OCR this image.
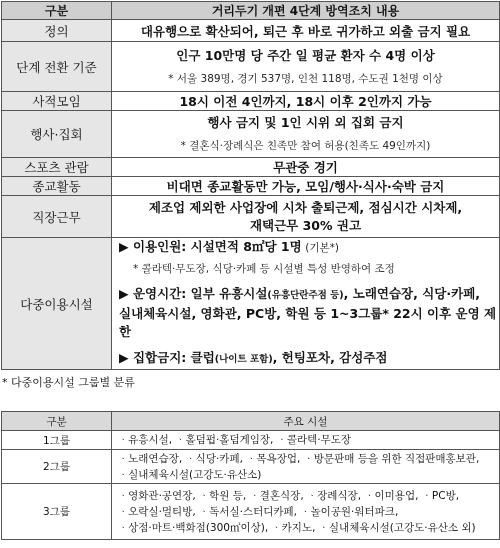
구분	거리두기 개편 4단계 방역조치 내용
정의	대유행으로 확산되어, 퇴근 후 바로 귀가하고 외출 금지 필요
단계 전환 기준	인구 10만명 당 주간 일 평균 환자 수 4명 이상
* 서울 389명, 경기 537명, 인천 118명, 수도권 1천명 이상

사적모임	18시 이전 4인까지, 18시 이후 2인까지 가능
행사·집회	행사 금지 및 1인 시위 외 집회 금지
* 결혼식·장례식은 친족만 참여 허용(친족도 49인까지)

스포츠 관람	무관중 경기
종교활동	비대면 종교활동만 가능, 모임/행사·식사·숙박 금지
직장근무	제조업 제외한 사업장에 시차 출퇴근제, 점심시간 시차제,
재택근무 30% 권고

다중이용시설	▶ 이용인원: 시설면적 8㎡당 1명 (기본*)
* 콜라텍·무도장, 식당·카페 등 시설별 특성 반영하여 조정
▶ 운영시간: 일부 유흥시설(유흥단란주점 등), 노래연습장, 식당·카페,
실내체육시설, 영화관, PC방, 학원 등 1~3그룹* 22시 이후 운영 제한
▶ 집합금지: 클럽(나이트 포함), 헌팅포차, 감성주점
* 다중이용시설 그룹별 분류
구분	주요 시설
1그룹	ᆞ유흥시설, ᆞ홀덤펍·홀덤게임장, ᆞ콜라텍·무도장

2그룹	ᆞ노래연습장, ᆞ식당·카페, ᆞ목욕장업, ᆞ방문판매 등을 위한 직접판매홍보관,
ᆞ실내체육시설(고강도·유산소)

3그룹	ᆞ영화관·공연장, ᆞ학원 등, ᆞ결혼식장, ᆞ장례식장, ᆞ이미용업, ᆞPC방,
ᆞ오락실·멀티방, ᆞ독서실·스터디카페, ᆞ놀이공원·워터파크,
ᆞ상점·마트·백화점(300㎡이상), ᆞ카지노, ᆞ실내체육시설(고강도·유산소 외)
